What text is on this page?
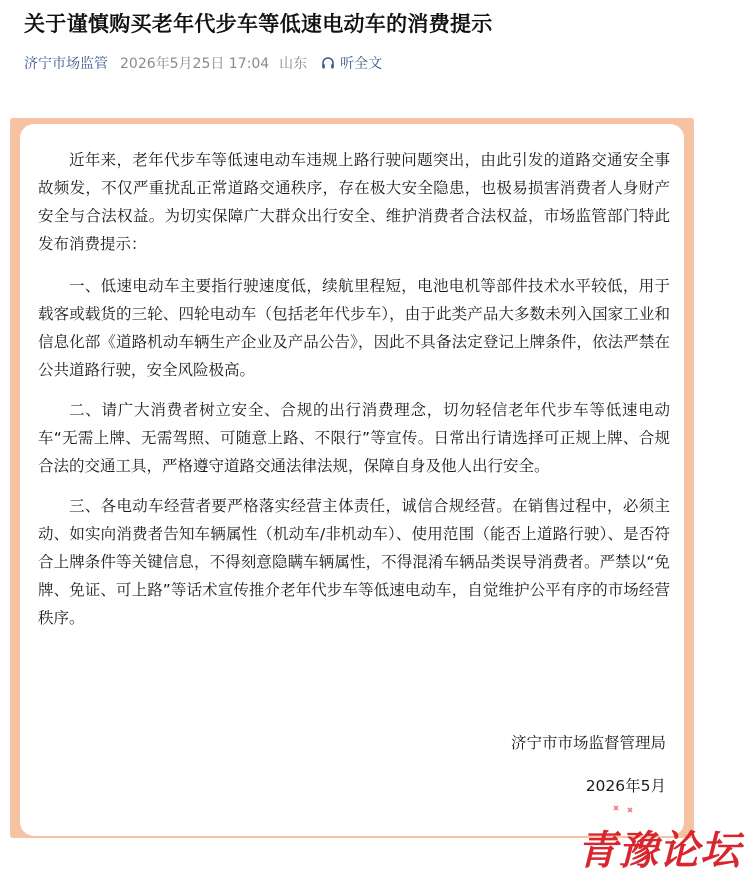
关于谨慎购买老年代步车等低速电动车的消费提示
济宁市场监管 2026年5月25日 17:04 山东 听全文

近年来，老年代步车等低速电动车违规上路行驶问题突出，由此引发的道路交通安全事故频发，不仅严重扰乱正常道路交通秩序，存在极大安全隐患，也极易损害消费者人身财产安全与合法权益。为切实保障广大群众出行安全、维护消费者合法权益，市场监管部门特此发布消费提示：

一、低速电动车主要指行驶速度低，续航里程短，电池电机等部件技术水平较低，用于载客或载货的三轮、四轮电动车（包括老年代步车），由于此类产品大多数未列入国家工业和信息化部《道路机动车辆生产企业及产品公告》，因此不具备法定登记上牌条件，依法严禁在公共道路行驶，安全风险极高。

二、请广大消费者树立安全、合规的出行消费理念，切勿轻信老年代步车等低速电动车“无需上牌、无需驾照、可随意上路、不限行”等宣传。日常出行请选择可正规上牌、合规合法的交通工具，严格遵守道路交通法律法规，保障自身及他人出行安全。

三、各电动车经营者要严格落实经营主体责任，诚信合规经营。在销售过程中，必须主动、如实向消费者告知车辆属性（机动车/非机动车）、使用范围（能否上道路行驶）、是否符合上牌条件等关键信息，不得刻意隐瞒车辆属性，不得混淆车辆品类误导消费者。严禁以“免牌、免证、可上路”等话术宣传推介老年代步车等低速电动车，自觉维护公平有序的市场经营秩序。

济宁市市场监督管理局
2026年5月
青豫论坛
